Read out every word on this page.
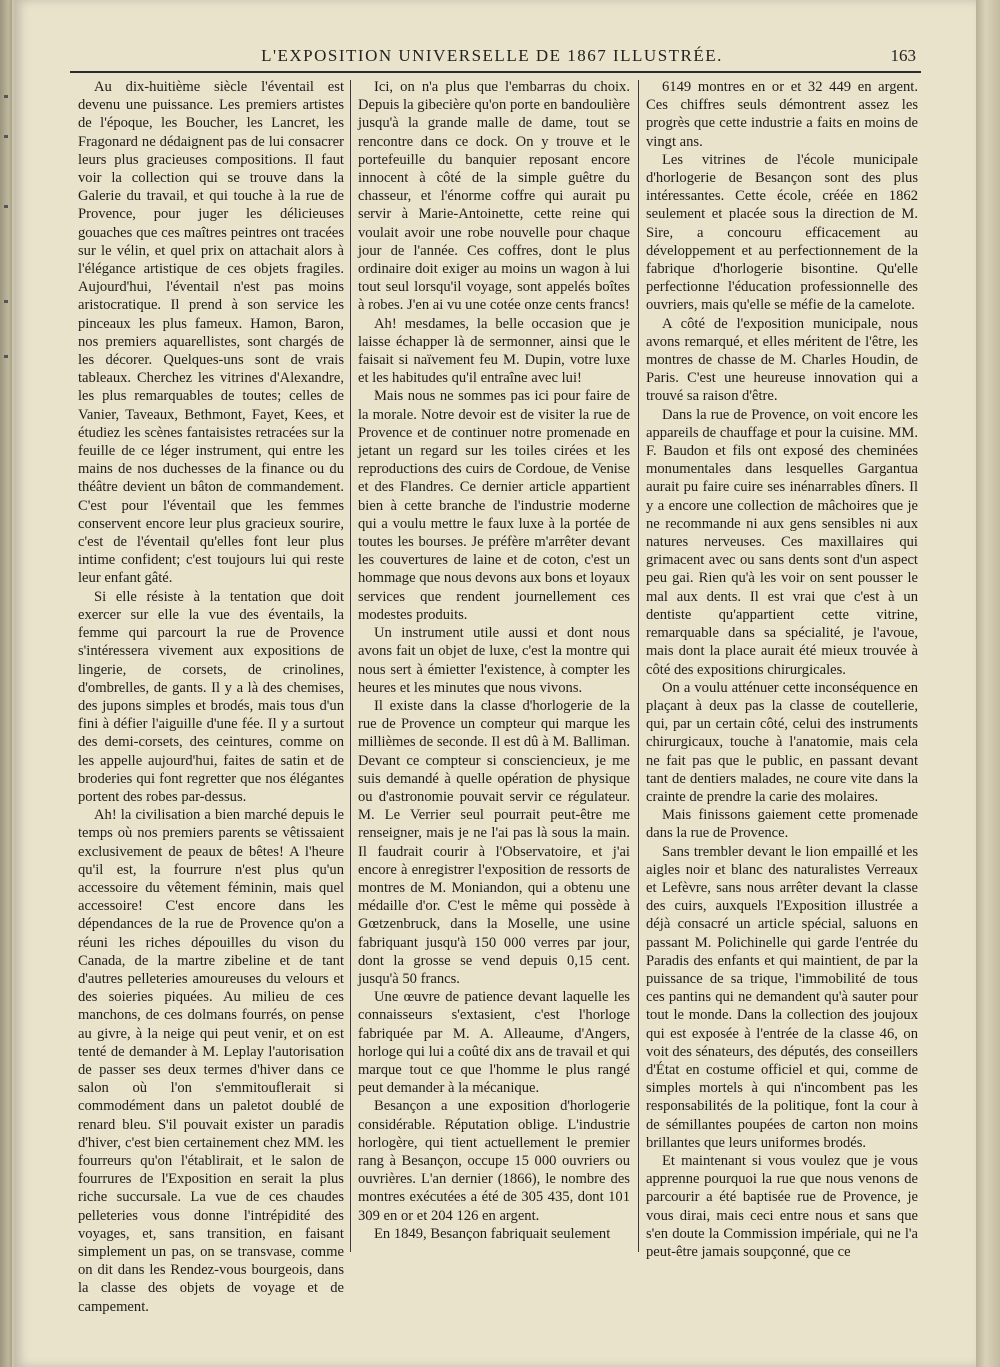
L'EXPOSITION UNIVERSELLE DE 1867 ILLUSTRÉE.	163

Au dix-huitième siècle l'éventail est devenu une puissance. Les premiers artistes de l'époque, les Boucher, les Lancret, les Fragonard ne dédaignent pas de lui consacrer leurs plus gracieuses compositions. Il faut voir la collection qui se trouve dans la Galerie du travail, et qui touche à la rue de Provence, pour juger les délicieuses gouaches que ces maîtres peintres ont tracées sur le vélin, et quel prix on attachait alors à l'élégance artistique de ces objets fragiles. Aujourd'hui, l'éventail n'est pas moins aristocratique. Il prend à son service les pinceaux les plus fameux. Hamon, Baron, nos premiers aquarellistes, sont chargés de les décorer. Quelques-uns sont de vrais tableaux. Cherchez les vitrines d'Alexandre, les plus remarquables de toutes; celles de Vanier, Taveaux, Bethmont, Fayet, Kees, et étudiez les scènes fantaisistes retracées sur la feuille de ce léger instrument, qui entre les mains de nos duchesses de la finance ou du théâtre devient un bâton de commandement. C'est pour l'éventail que les femmes conservent encore leur plus gracieux sourire, c'est de l'éventail qu'elles font leur plus intime confident; c'est toujours lui qui reste leur enfant gâté.

Si elle résiste à la tentation que doit exercer sur elle la vue des éventails, la femme qui parcourt la rue de Provence s'intéressera vivement aux expositions de lingerie, de corsets, de crinolines, d'ombrelles, de gants. Il y a là des chemises, des jupons simples et brodés, mais tous d'un fini à défier l'aiguille d'une fée. Il y a surtout des demi-corsets, des ceintures, comme on les appelle aujourd'hui, faites de satin et de broderies qui font regretter que nos élégantes portent des robes par-dessus.

Ah! la civilisation a bien marché depuis le temps où nos premiers parents se vêtissaient exclusivement de peaux de bêtes! A l'heure qu'il est, la fourrure n'est plus qu'un accessoire du vêtement féminin, mais quel accessoire! C'est encore dans les dépendances de la rue de Provence qu'on a réuni les riches dépouilles du vison du Canada, de la martre zibeline et de tant d'autres pelleteries amoureuses du velours et des soieries piquées. Au milieu de ces manchons, de ces dolmans fourrés, on pense au givre, à la neige qui peut venir, et on est tenté de demander à M. Leplay l'autorisation de passer ses deux termes d'hiver dans ce salon où l'on s'emmitouflerait si commodément dans un paletot doublé de renard bleu. S'il pouvait exister un paradis d'hiver, c'est bien certainement chez MM. les fourreurs qu'on l'établirait, et le salon de fourrures de l'Exposition en serait la plus riche succursale. La vue de ces chaudes pelleteries vous donne l'intrépidité des voyages, et, sans transition, en faisant simplement un pas, on se transvase, comme on dit dans les Rendez-vous bourgeois, dans la classe des objets de voyage et de campement.

Ici, on n'a plus que l'embarras du choix. Depuis la gibecière qu'on porte en bandoulière jusqu'à la grande malle de dame, tout se rencontre dans ce dock. On y trouve et le portefeuille du banquier reposant encore innocent à côté de la simple guêtre du chasseur, et l'énorme coffre qui aurait pu servir à Marie-Antoinette, cette reine qui voulait avoir une robe nouvelle pour chaque jour de l'année. Ces coffres, dont le plus ordinaire doit exiger au moins un wagon à lui tout seul lorsqu'il voyage, sont appelés boîtes à robes. J'en ai vu une cotée onze cents francs!

Ah! mesdames, la belle occasion que je laisse échapper là de sermonner, ainsi que le faisait si naïvement feu M. Dupin, votre luxe et les habitudes qu'il entraîne avec lui!

Mais nous ne sommes pas ici pour faire de la morale. Notre devoir est de visiter la rue de Provence et de continuer notre promenade en jetant un regard sur les toiles cirées et les reproductions des cuirs de Cordoue, de Venise et des Flandres. Ce dernier article appartient bien à cette branche de l'industrie moderne qui a voulu mettre le faux luxe à la portée de toutes les bourses. Je préfère m'arrêter devant les couvertures de laine et de coton, c'est un hommage que nous devons aux bons et loyaux services que rendent journellement ces modestes produits.

Un instrument utile aussi et dont nous avons fait un objet de luxe, c'est la montre qui nous sert à émietter l'existence, à compter les heures et les minutes que nous vivons.

Il existe dans la classe d'horlogerie de la rue de Provence un compteur qui marque les millièmes de seconde. Il est dû à M. Balliman. Devant ce compteur si consciencieux, je me suis demandé à quelle opération de physique ou d'astronomie pouvait servir ce régulateur. M. Le Verrier seul pourrait peut-être me renseigner, mais je ne l'ai pas là sous la main. Il faudrait courir à l'Observatoire, et j'ai encore à enregistrer l'exposition de ressorts de montres de M. Moniandon, qui a obtenu une médaille d'or. C'est le même qui possède à Gœtzenbruck, dans la Moselle, une usine fabriquant jusqu'à 150 000 verres par jour, dont la grosse se vend depuis 0,15 cent. jusqu'à 50 francs.

Une œuvre de patience devant laquelle les connaisseurs s'extasient, c'est l'horloge fabriquée par M. A. Alleaume, d'Angers, horloge qui lui a coûté dix ans de travail et qui marque tout ce que l'homme le plus rangé peut demander à la mécanique.

Besançon a une exposition d'horlogerie considérable. Réputation oblige. L'industrie horlogère, qui tient actuellement le premier rang à Besançon, occupe 15 000 ouvriers ou ouvrières. L'an dernier (1866), le nombre des montres exécutées a été de 305 435, dont 101 309 en or et 204 126 en argent.

En 1849, Besançon fabriquait seulement

6149 montres en or et 32 449 en argent. Ces chiffres seuls démontrent assez les progrès que cette industrie a faits en moins de vingt ans.

Les vitrines de l'école municipale d'horlogerie de Besançon sont des plus intéressantes. Cette école, créée en 1862 seulement et placée sous la direction de M. Sire, a concouru efficacement au développement et au perfectionnement de la fabrique d'horlogerie bisontine. Qu'elle perfectionne l'éducation professionnelle des ouvriers, mais qu'elle se méfie de la camelote.

A côté de l'exposition municipale, nous avons remarqué, et elles méritent de l'être, les montres de chasse de M. Charles Houdin, de Paris. C'est une heureuse innovation qui a trouvé sa raison d'être.

Dans la rue de Provence, on voit encore les appareils de chauffage et pour la cuisine. MM. F. Baudon et fils ont exposé des cheminées monumentales dans lesquelles Gargantua aurait pu faire cuire ses inénarrables dîners. Il y a encore une collection de mâchoires que je ne recommande ni aux gens sensibles ni aux natures nerveuses. Ces maxillaires qui grimacent avec ou sans dents sont d'un aspect peu gai. Rien qu'à les voir on sent pousser le mal aux dents. Il est vrai que c'est à un dentiste qu'appartient cette vitrine, remarquable dans sa spécialité, je l'avoue, mais dont la place aurait été mieux trouvée à côté des expositions chirurgicales.

On a voulu atténuer cette inconséquence en plaçant à deux pas la classe de coutellerie, qui, par un certain côté, celui des instruments chirurgicaux, touche à l'anatomie, mais cela ne fait pas que le public, en passant devant tant de dentiers malades, ne coure vite dans la crainte de prendre la carie des molaires.

Mais finissons gaiement cette promenade dans la rue de Provence.

Sans trembler devant le lion empaillé et les aigles noir et blanc des naturalistes Verreaux et Lefèvre, sans nous arrêter devant la classe des cuirs, auxquels l'Exposition illustrée a déjà consacré un article spécial, saluons en passant M. Polichinelle qui garde l'entrée du Paradis des enfants et qui maintient, de par la puissance de sa trique, l'immobilité de tous ces pantins qui ne demandent qu'à sauter pour tout le monde. Dans la collection des joujoux qui est exposée à l'entrée de la classe 46, on voit des sénateurs, des députés, des conseillers d'État en costume officiel et qui, comme de simples mortels à qui n'incombent pas les responsabilités de la politique, font la cour à de sémillantes poupées de carton non moins brillantes que leurs uniformes brodés.

Et maintenant si vous voulez que je vous apprenne pourquoi la rue que nous venons de parcourir a été baptisée rue de Provence, je vous dirai, mais ceci entre nous et sans que s'en doute la Commission impériale, qui ne l'a peut-être jamais soupçonné, que ce
